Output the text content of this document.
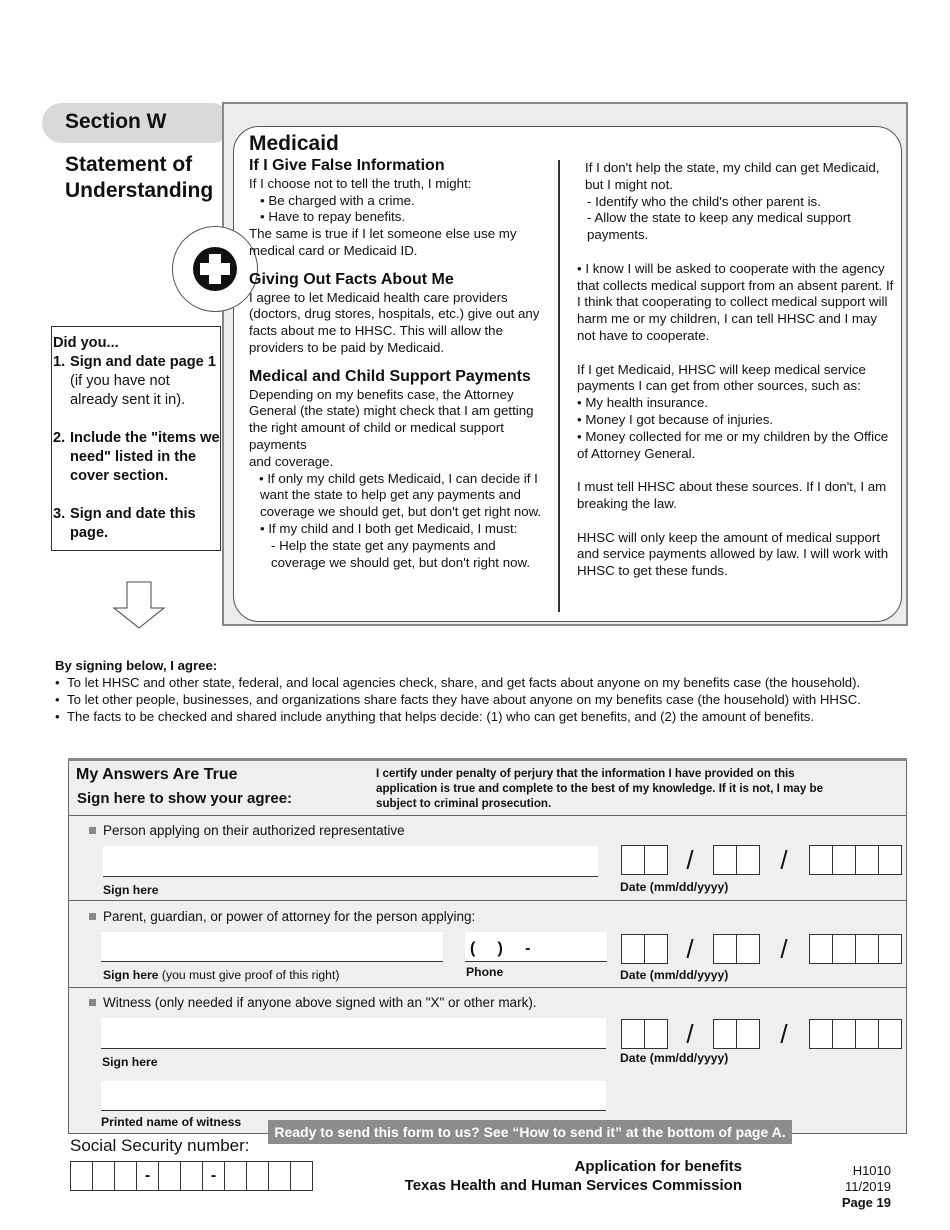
Section W
Statement of Understanding
Medicaid
If I Give False Information

If I choose not to tell the truth, I might:

• Be charged with a crime.

• Have to repay benefits.

The same is true if I let someone else use my medical card or Medicaid ID.

Giving Out Facts About Me

I agree to let Medicaid health care providers (doctors, drug stores, hospitals, etc.) give out any facts about me to HHSC. This will allow the providers to be paid by Medicaid.

Medical and Child Support Payments

Depending on my benefits case, the Attorney General (the state) might check that I am getting the right amount of child or medical support payments

and coverage.

• If only my child gets Medicaid, I can decide if I want the state to help get any payments and coverage we should get, but don't get right now.

• If my child and I both get Medicaid, I must:

- Help the state get any payments and coverage we should get, but don't right now.

If I don't help the state, my child can get Medicaid, but I might not.

- Identify who the child's other parent is.

- Allow the state to keep any medical support payments.

• I know I will be asked to cooperate with the agency that collects medical support from an absent parent. If I think that cooperating to collect medical support will harm me or my children, I can tell HHSC and I may not have to cooperate.

If I get Medicaid, HHSC will keep medical service payments I can get from other sources, such as:

• My health insurance.

• Money I got because of injuries.

• Money collected for me or my children by the Office of Attorney General.

I must tell HHSC about these sources. If I don't, I am breaking the law.

HHSC will only keep the amount of medical support and service payments allowed by law. I will work with HHSC to get these funds.

Did you...
1. Sign and date page 1 (if you have not already sent it in).
2. Include the "items we need" listed in the cover section.
3. Sign and date this page.
By signing below, I agree:
• To let HHSC and other state, federal, and local agencies check, share, and get facts about anyone on my benefits case (the household).
• To let other people, businesses, and organizations share facts they have about anyone on my benefits case (the household) with HHSC.
• The facts to be checked and shared include anything that helps decide: (1) who can get benefits, and (2) the amount of benefits.
My Answers Are True
Sign here to show your agree:
I certify under penalty of perjury that the information I have provided on this application is true and complete to the best of my knowledge. If it is not, I may be subject to criminal prosecution.
Person applying on their authorized representative
Sign here
/	/
Date (mm/dd/yyyy)
Parent, guardian, or power of attorney for the person applying:
Sign here (you must give proof of this right)
(     )     -
Phone
/	/
Date (mm/dd/yyyy)
Witness (only needed if anyone above signed with an "X" or other mark).
Sign here
/	/
Date (mm/dd/yyyy)
Printed name of witness
Ready to send this form to us? See “How to send it” at the bottom of page A.
Social Security number:
-	-
Application for benefits
Texas Health and Human Services Commission
H1010
11/2019
Page 19
